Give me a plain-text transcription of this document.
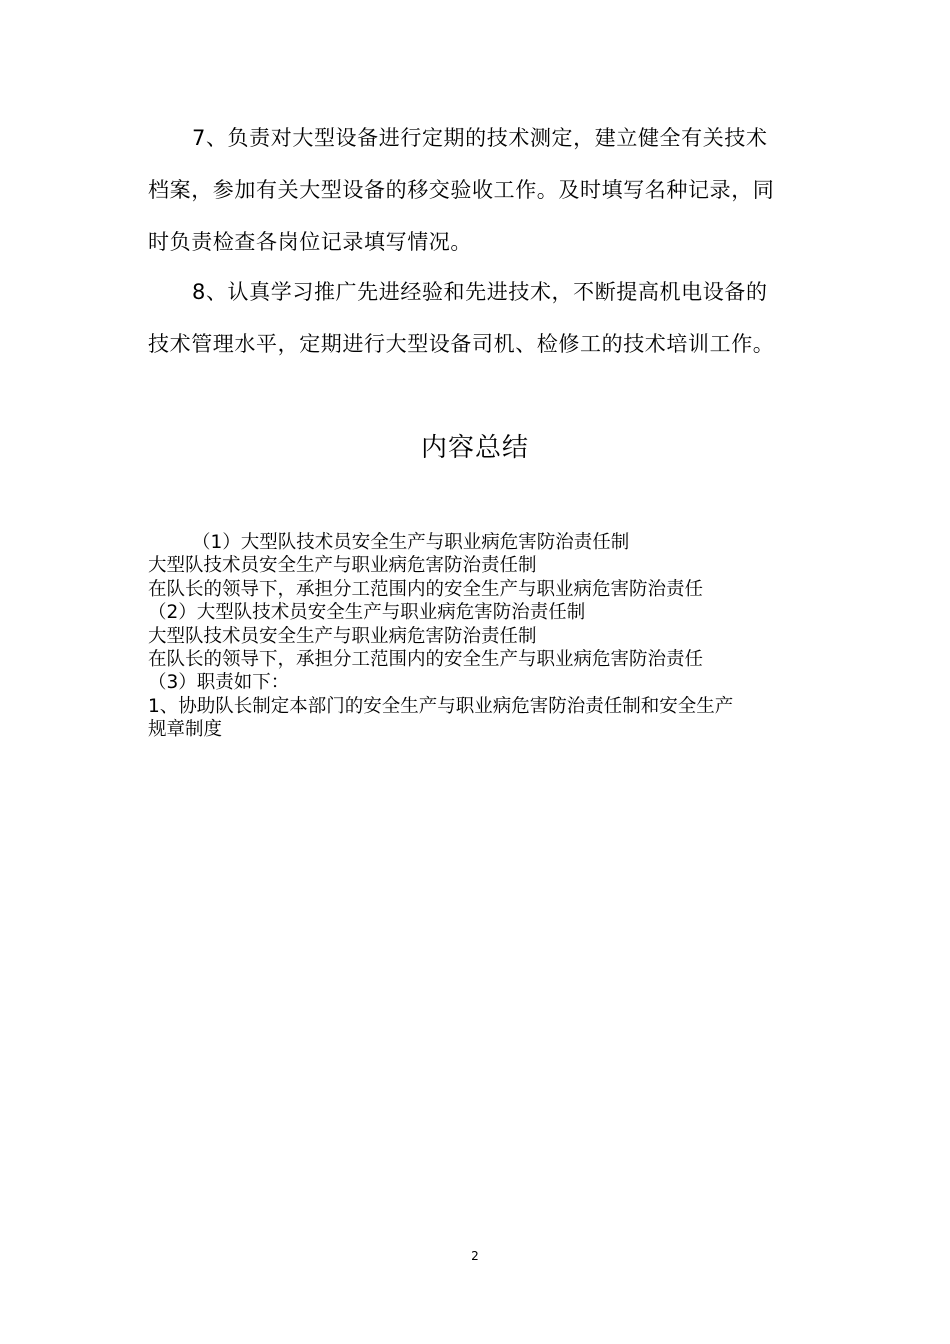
7、负责对大型设备进行定期的技术测定，建立健全有关技术
档案，参加有关大型设备的移交验收工作。及时填写名种记录，同
时负责检查各岗位记录填写情况。
8、认真学习推广先进经验和先进技术，不断提高机电设备的
技术管理水平，定期进行大型设备司机、检修工的技术培训工作。
内容总结
（1）大型队技术员安全生产与职业病危害防治责任制
大型队技术员安全生产与职业病危害防治责任制
在队长的领导下，承担分工范围内的安全生产与职业病危害防治责任
（2）大型队技术员安全生产与职业病危害防治责任制
大型队技术员安全生产与职业病危害防治责任制
在队长的领导下，承担分工范围内的安全生产与职业病危害防治责任
（3）职责如下：
1、协助队长制定本部门的安全生产与职业病危害防治责任制和安全生产
规章制度
2
